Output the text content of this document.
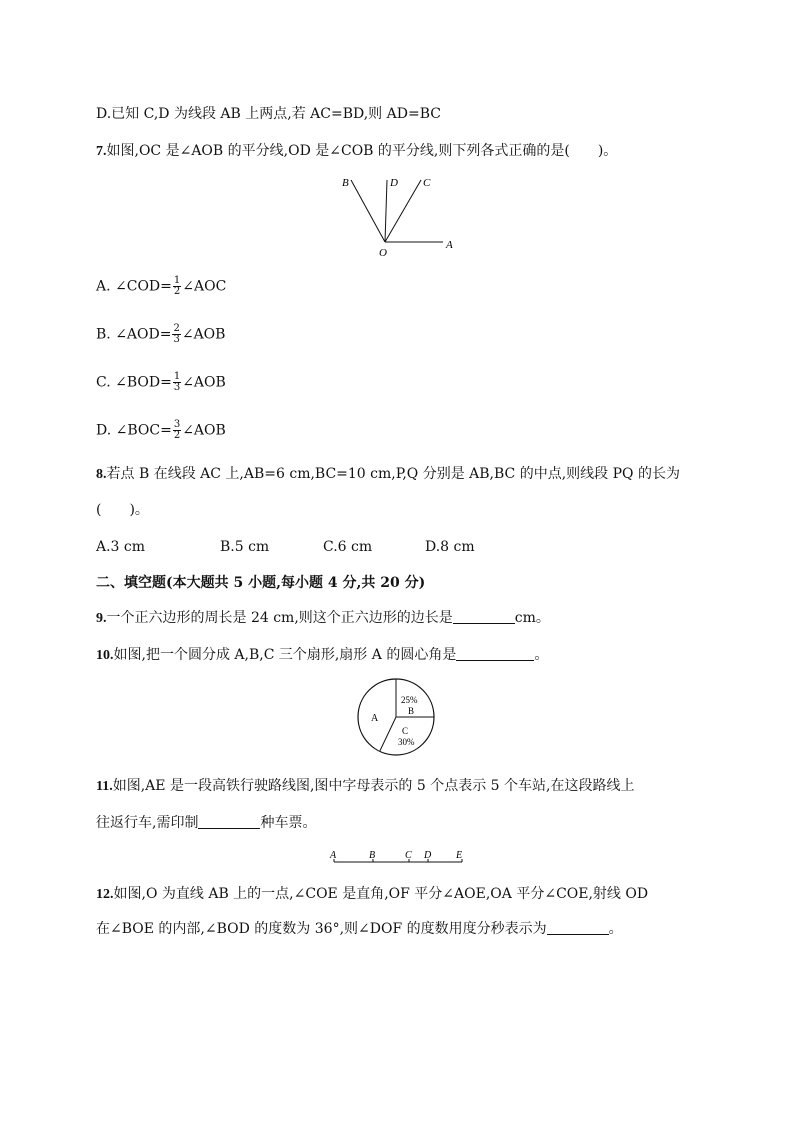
D.已知 C,D 为线段 AB 上两点,若 AC=BD,则 AD=BC
7.如图,OC 是∠AOB 的平分线,OD 是∠COB 的平分线,则下列各式正确的是(　　)。
B	D C
O
A
A. ∠COD= $\frac{1}{2}$ ∠AOC
B. ∠AOD= $\frac{2}{3}$ ∠AOB
C. ∠BOD= $\frac{1}{3}$ ∠AOB
D. ∠BOC= $\frac{3}{2}$ ∠AOB
8.若点 B 在线段 AC 上,AB=6 cm,BC=10 cm,P,Q 分别是 AB,BC 的中点,则线段 PQ 的长为
(　　)。
A.3 cm	B.5 cm	C.6 cm	D.8 cm
二、填空题(本大题共 5 小题,每小题 4 分,共 20 分)
9.一个正六边形的周长是 24 cm,则这个正六边形的边长是	cm。
10.如图,把一个圆分成 A,B,C 三个扇形,扇形 A 的圆心角是	。
A
25%
B
C
30%
11.如图,AE 是一段高铁行驶路线图,图中字母表示的 5 个点表示 5 个车站,在这段路线上
往返行车,需印制	种车票。
A	B	C D E
12.如图,O 为直线 AB 上的一点,∠COE 是直角,OF 平分∠AOE,OA 平分∠COE,射线 OD
在∠BOE 的内部,∠BOD 的度数为 36°,则∠DOF 的度数用度分秒表示为	。
